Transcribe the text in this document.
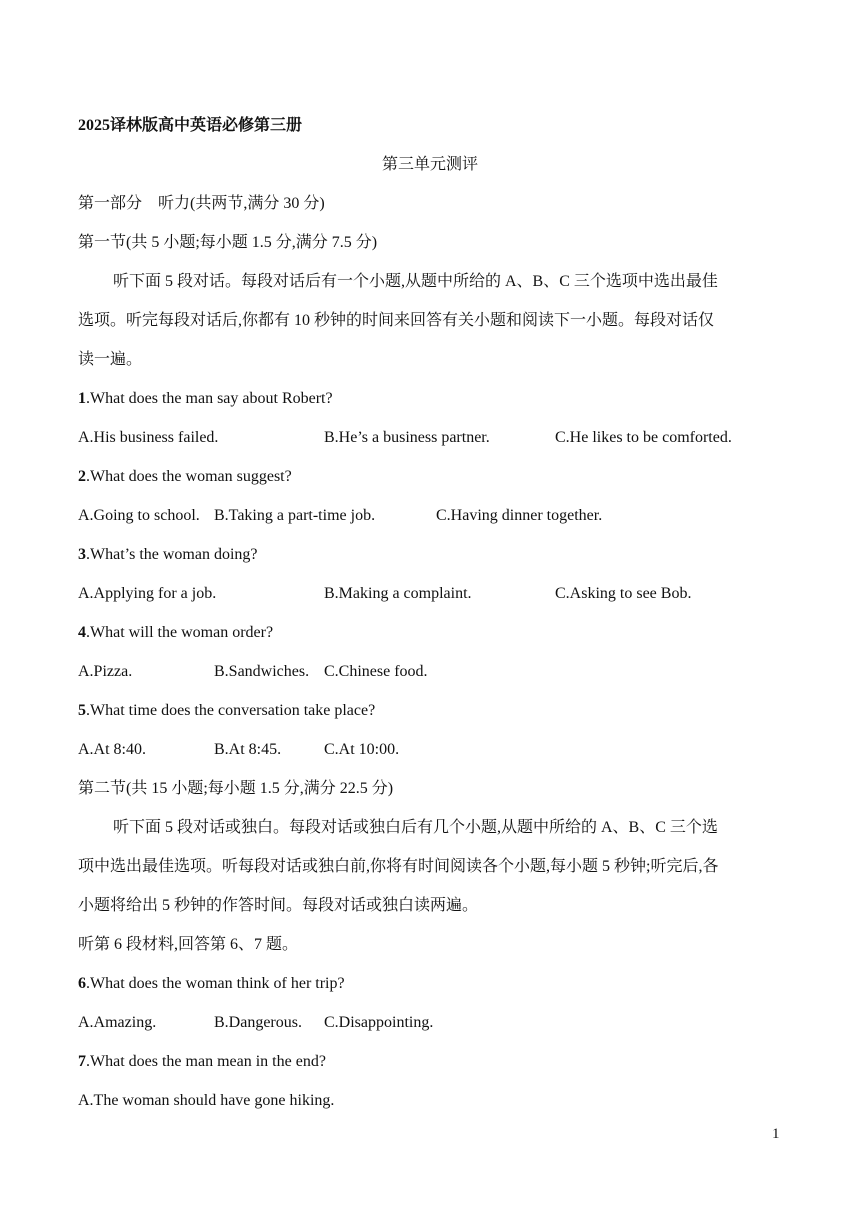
2025译林版高中英语必修第三册
第三单元测评
第一部分　听力(共两节,满分 30 分)
第一节(共 5 小题;每小题 1.5 分,满分 7.5 分)
听下面 5 段对话。每段对话后有一个小题,从题中所给的 A、B、C 三个选项中选出最佳
选项。听完每段对话后,你都有 10 秒钟的时间来回答有关小题和阅读下一小题。每段对话仅
读一遍。
1.What does the man say about Robert?
A.His business failed.	B.He’s a business partner.	C.He likes to be comforted.
2.What does the woman suggest?
A.Going to school. B.Taking a part-time job.	C.Having dinner together.
3.What’s the woman doing?
A.Applying for a job.	B.Making a complaint.	C.Asking to see Bob.
4.What will the woman order?
A.Pizza.	B.Sandwiches. C.Chinese food.
5.What time does the conversation take place?
A.At 8:40.	B.At 8:45.	C.At 10:00.
第二节(共 15 小题;每小题 1.5 分,满分 22.5 分)
听下面 5 段对话或独白。每段对话或独白后有几个小题,从题中所给的 A、B、C 三个选
项中选出最佳选项。听每段对话或独白前,你将有时间阅读各个小题,每小题 5 秒钟;听完后,各
小题将给出 5 秒钟的作答时间。每段对话或独白读两遍。
听第 6 段材料,回答第 6、7 题。
6.What does the woman think of her trip?
A.Amazing.	B.Dangerous. C.Disappointing.
7.What does the man mean in the end?
A.The woman should have gone hiking.
1
